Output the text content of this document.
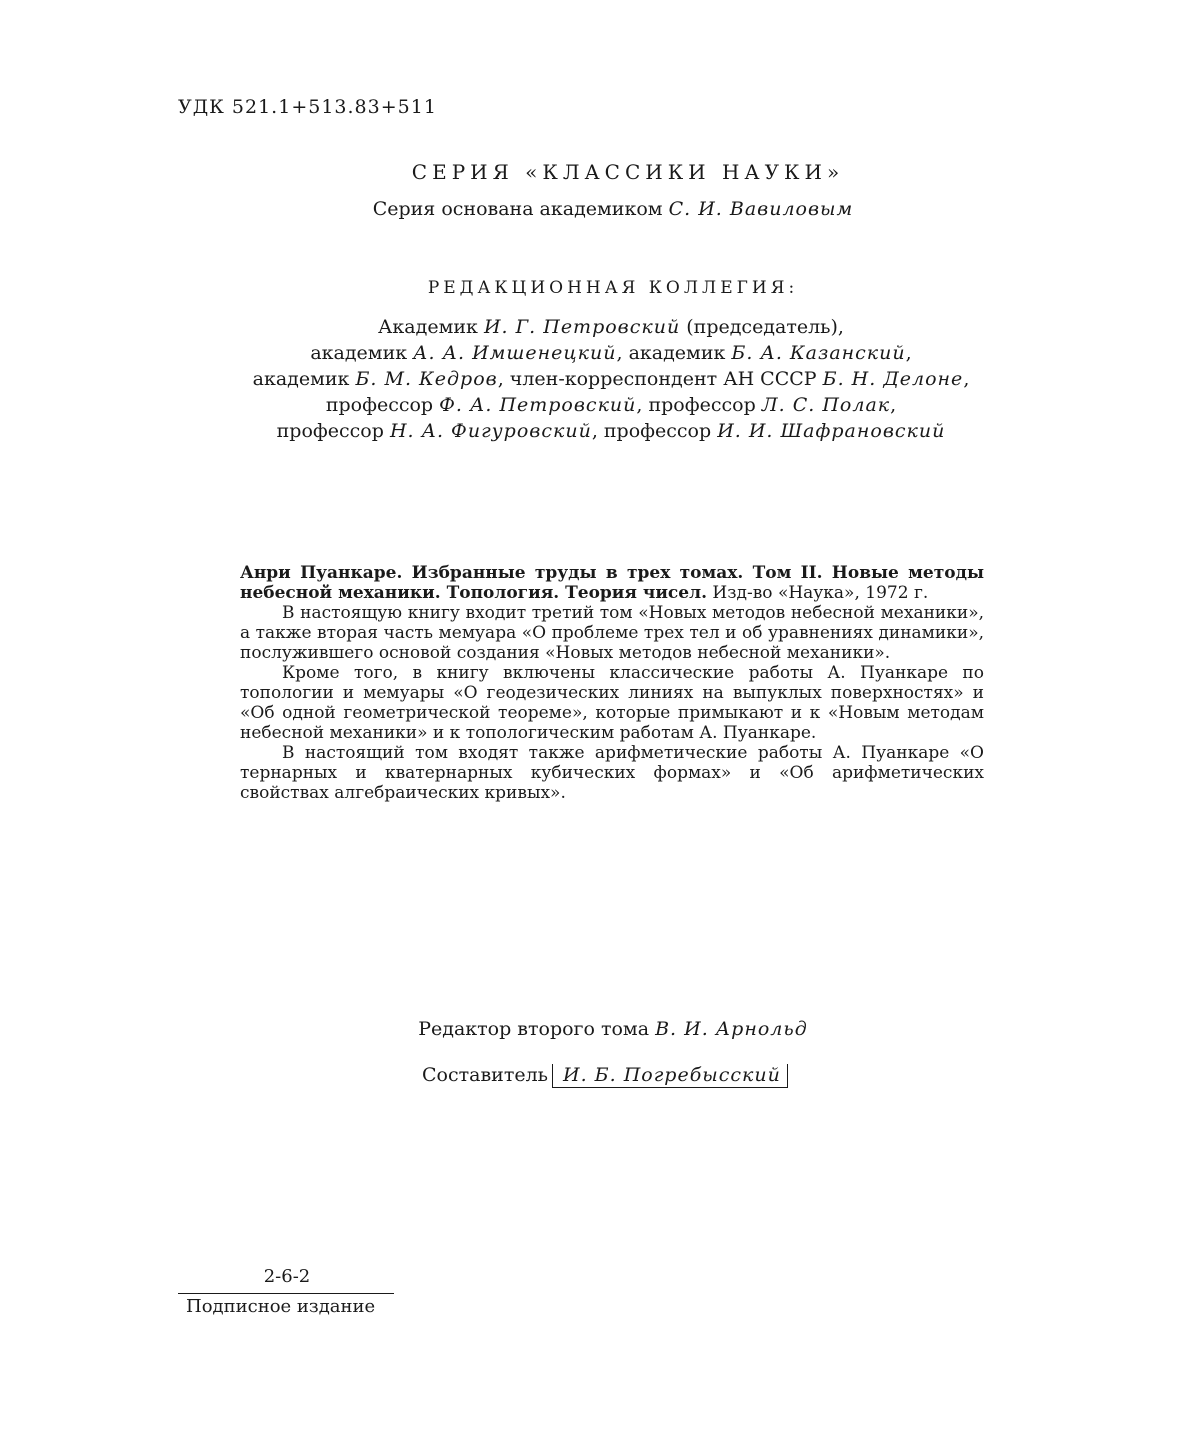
УДК 521.1+513.83+511
СЕРИЯ «КЛАССИКИ НАУКИ»
Серия основана академиком С. И. Вавиловым
РЕДАКЦИОННАЯ КОЛЛЕГИЯ:
Академик И. Г. Петровский (председатель),
академик А. А. Имшенецкий, академик Б. А. Казанский,
академик Б. М. Кедров, член-корреспондент АН СССР Б. Н. Делоне,
профессор Ф. А. Петровский, профессор Л. С. Полак,
профессор Н. А. Фигуровский, профессор И. И. Шафрановский

Анри Пуанкаре. Избранные труды в трех томах. Том II. Новые методы небесной механики. Топология. Теория чисел. Изд-во «Наука», 1972 г.

В настоящую книгу входит третий том «Новых методов небесной механики», а также вторая часть мемуара «О проблеме трех тел и об уравнениях динамики», послужившего основой создания «Новых методов небесной механики».

Кроме того, в книгу включены классические работы А. Пуанкаре по топологии и мемуары «О геодезических линиях на выпуклых поверхностях» и «Об одной геометрической теореме», которые примыкают и к «Новым методам небесной механики» и к топологическим работам А. Пуанкаре.

В настоящий том входят также арифметические работы А. Пуанкаре «О тернарных и кватернарных кубических формах» и «Об арифметических свойствах алгебраических кривых».

Редактор второго тома В. И. Арнольд
Составитель И. Б. Погребысский
2-6-2
Подписное издание
